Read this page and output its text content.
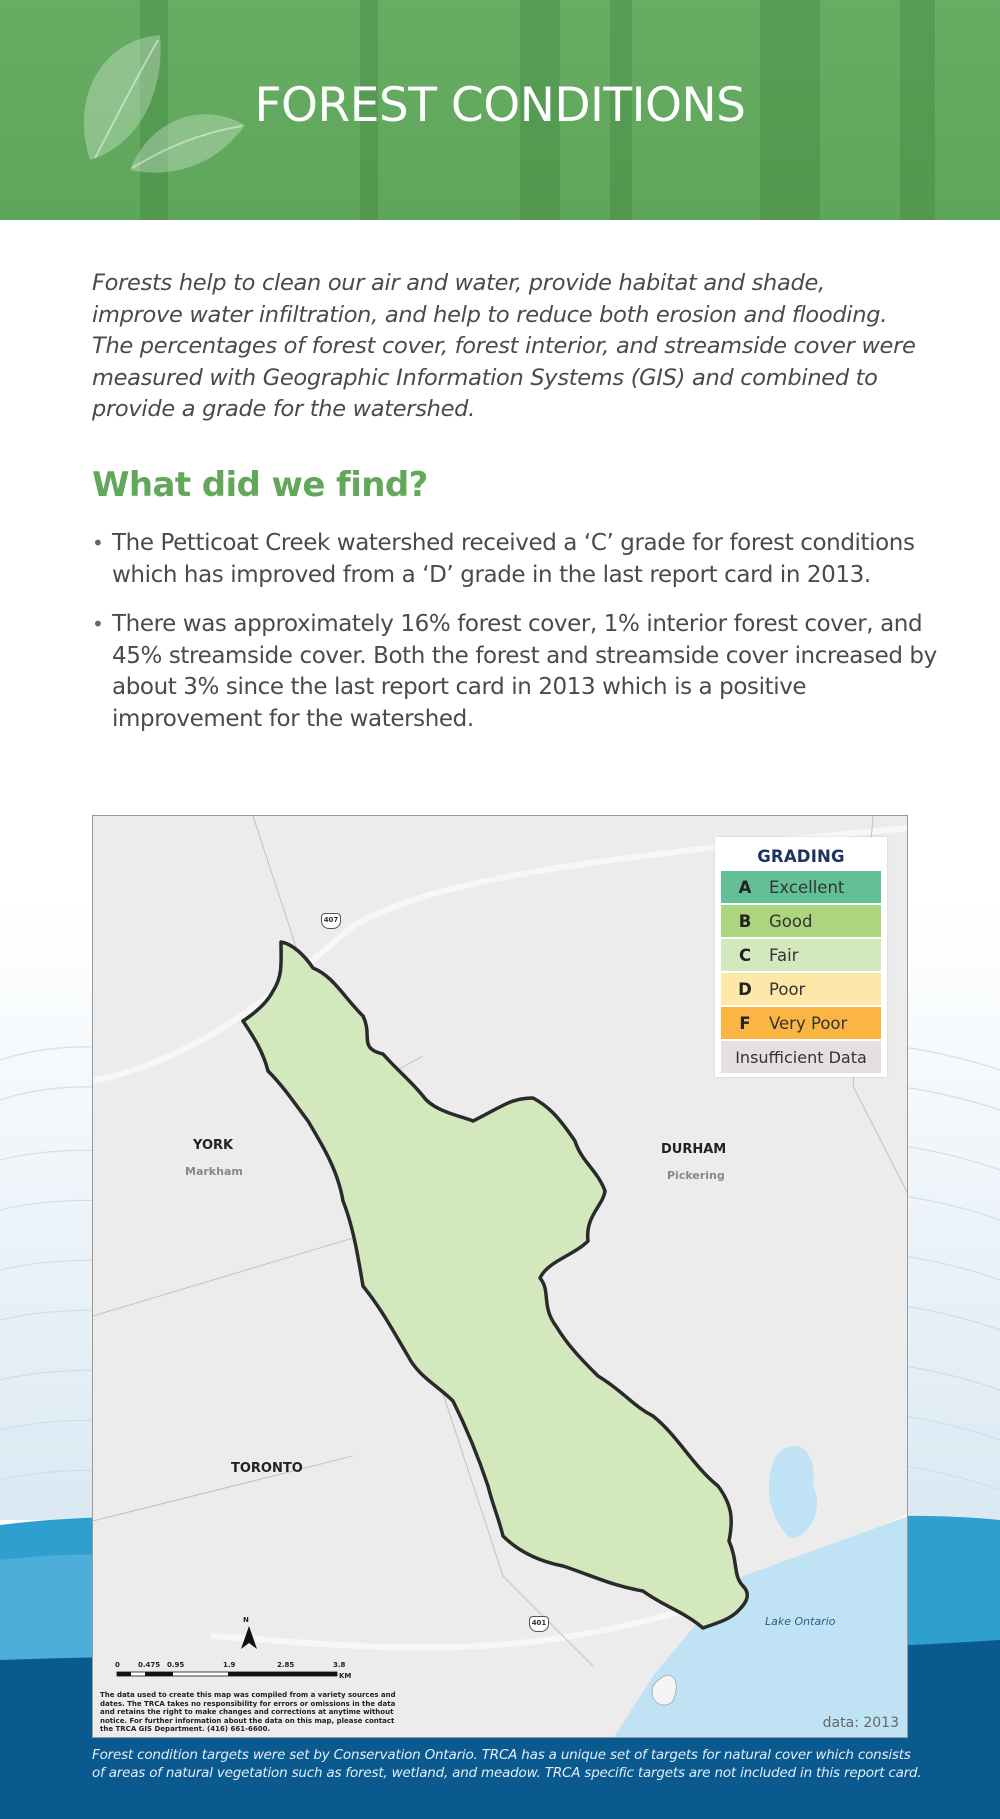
FOREST CONDITIONS

Forests help to clean our air and water, provide habitat and shade, improve water infiltration, and help to reduce both erosion and flooding. The percentages of forest cover, forest interior, and streamside cover were measured with Geographic Information Systems (GIS) and combined to provide a grade for the watershed.

What did we find?
• The Petticoat Creek watershed received a ‘C’ grade for forest conditions which has improved from a ‘D’ grade in the last report card in 2013.
• There was approximately 16% forest cover, 1% interior forest cover, and 45% streamside cover. Both the forest and streamside cover increased by about 3% since the last report card in 2013 which is a positive improvement for the watershed.
407
401
YORK
Markham
DURHAM
Pickering
TORONTO
Lake Ontario
N
0	0.475 0.95	1.9	2.85	3.8
KM
The data used to create this map was compiled from a variety sources and dates. The TRCA takes no responsibility for errors or omissions in the data and retains the right to make changes and corrections at anytime without notice. For further information about the data on this map, please contact the TRCA GIS Department. (416) 661-6600.	data: 2013
GRADING
A	Excellent
B	Good
C	Fair
D	Poor
F	Very Poor
Insufficient Data

Forest condition targets were set by Conservation Ontario. TRCA has a unique set of targets for natural cover which consists of areas of natural vegetation such as forest, wetland, and meadow. TRCA specific targets are not included in this report card.
